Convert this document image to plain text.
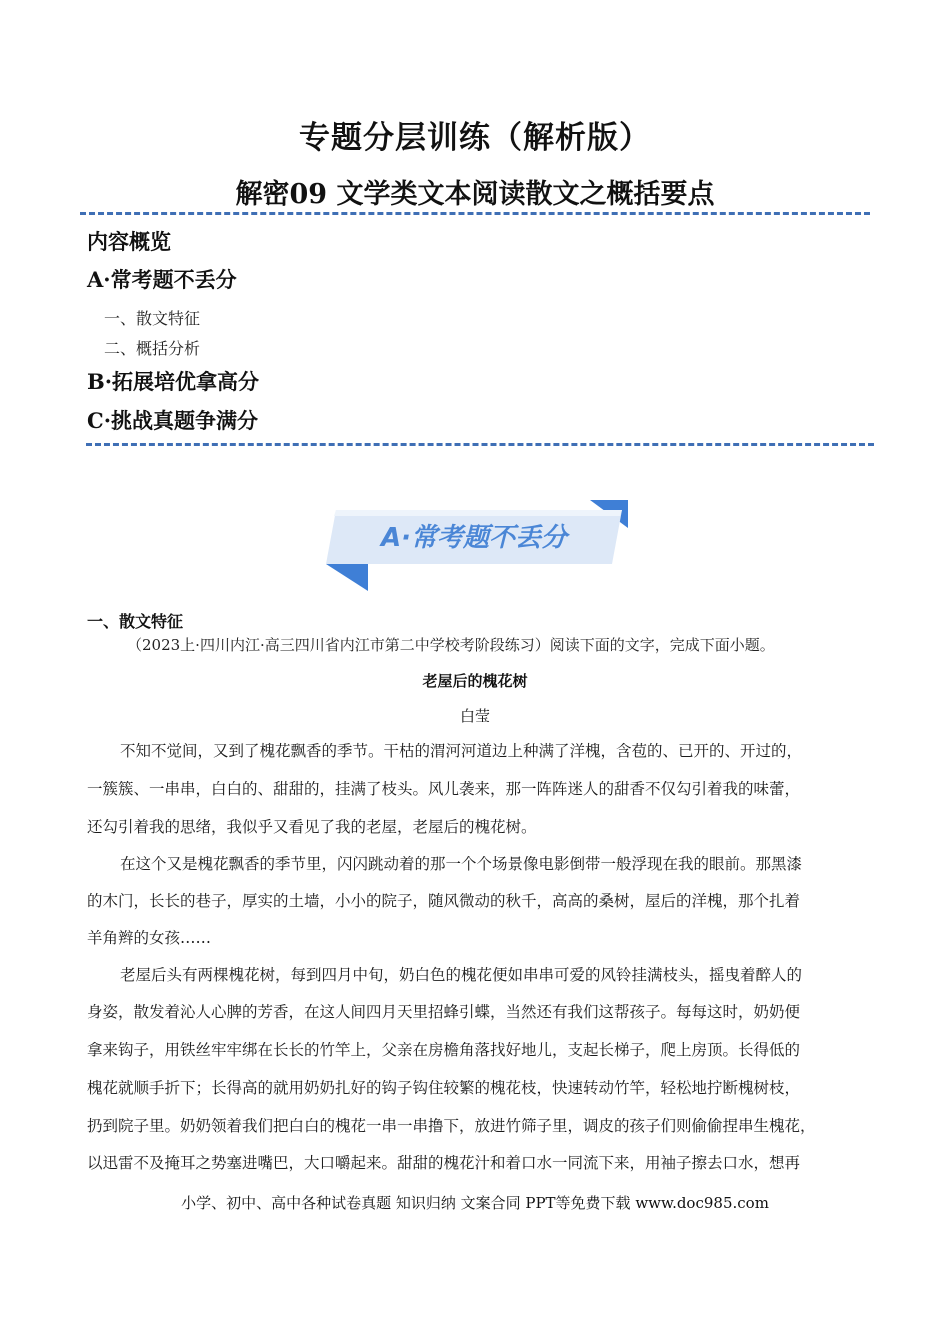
专题分层训练（解析版）
解密09 文学类文本阅读散文之概括要点
内容概览
A·常考题不丢分
一、散文特征
二、概括分析
B·拓展培优拿高分
C·挑战真题争满分
A·常考题不丢分
一、散文特征
（2023上·四川内江·高三四川省内江市第二中学校考阶段练习）阅读下面的文字，完成下面小题。
老屋后的槐花树
白莹
不知不觉间，又到了槐花飘香的季节。干枯的渭河河道边上种满了洋槐，含苞的、已开的、开过的，
一簇簇、一串串，白白的、甜甜的，挂满了枝头。风儿袭来，那一阵阵迷人的甜香不仅勾引着我的味蕾，
还勾引着我的思绪，我似乎又看见了我的老屋，老屋后的槐花树。
在这个又是槐花飘香的季节里，闪闪跳动着的那一个个场景像电影倒带一般浮现在我的眼前。那黑漆
的木门，长长的巷子，厚实的土墙，小小的院子，随风微动的秋千，高高的桑树，屋后的洋槐，那个扎着
羊角辫的女孩……
老屋后头有两棵槐花树，每到四月中旬，奶白色的槐花便如串串可爱的风铃挂满枝头，摇曳着醉人的
身姿，散发着沁人心脾的芳香，在这人间四月天里招蜂引蝶，当然还有我们这帮孩子。每每这时，奶奶便
拿来钩子，用铁丝牢牢绑在长长的竹竿上，父亲在房檐角落找好地儿，支起长梯子，爬上房顶。长得低的
槐花就顺手折下；长得高的就用奶奶扎好的钩子钩住较繁的槐花枝，快速转动竹竿，轻松地拧断槐树枝，
扔到院子里。奶奶领着我们把白白的槐花一串一串撸下，放进竹筛子里，调皮的孩子们则偷偷捏串生槐花，
以迅雷不及掩耳之势塞进嘴巴，大口嚼起来。甜甜的槐花汁和着口水一同流下来，用袖子擦去口水，想再
小学、初中、高中各种试卷真题 知识归纳 文案合同 PPT等免费下载 www.doc985.com
